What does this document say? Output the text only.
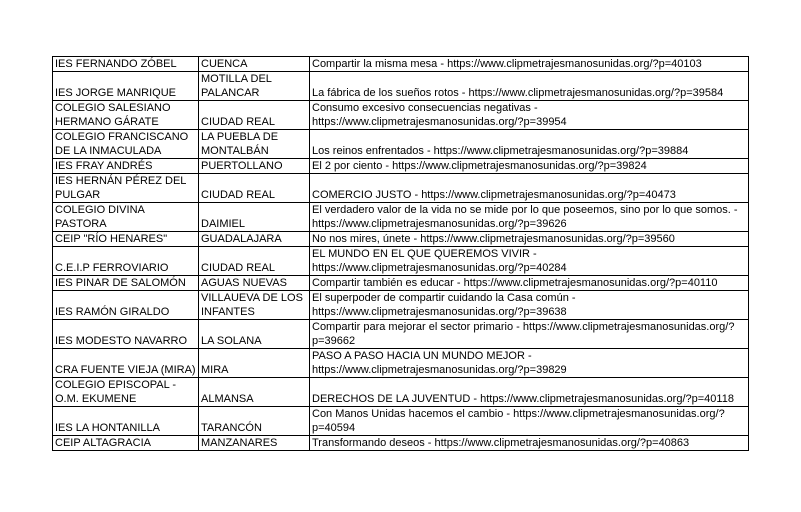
IES FERNANDO ZÓBEL	CUENCA	Compartir la misma mesa - https://www.clipmetrajesmanosunidas.org/?p=40103
IES JORGE MANRIQUE	MOTILLA DEL PALANCAR	La fábrica de los sueños rotos - https://www.clipmetrajesmanosunidas.org/?p=39584
COLEGIO SALESIANO HERMANO GÁRATE	CIUDAD REAL	Consumo excesivo consecuencias negativas - https://www.clipmetrajesmanosunidas.org/?p=39954
COLEGIO FRANCISCANO DE LA INMACULADA	LA PUEBLA DE MONTALBÁN	Los reinos enfrentados - https://www.clipmetrajesmanosunidas.org/?p=39884
IES FRAY ANDRÉS	PUERTOLLANO	El 2 por ciento - https://www.clipmetrajesmanosunidas.org/?p=39824
IES HERNÁN PÉREZ DEL PULGAR	CIUDAD REAL	COMERCIO JUSTO - https://www.clipmetrajesmanosunidas.org/?p=40473
COLEGIO DIVINA PASTORA	DAIMIEL	El verdadero valor de la vida no se mide por lo que poseemos, sino por lo que somos. - https://www.clipmetrajesmanosunidas.org/?p=39626
CEIP "RÍO HENARES"	GUADALAJARA	No nos mires, únete - https://www.clipmetrajesmanosunidas.org/?p=39560
C.E.I.P FERROVIARIO	CIUDAD REAL	EL MUNDO EN EL QUE QUEREMOS VIVIR - https://www.clipmetrajesmanosunidas.org/?p=40284
IES PINAR DE SALOMÓN	AGUAS NUEVAS	Compartir también es educar - https://www.clipmetrajesmanosunidas.org/?p=40110
IES RAMÓN GIRALDO	VILLAUEVA DE LOS INFANTES	El superpoder de compartir cuidando la Casa común - https://www.clipmetrajesmanosunidas.org/?p=39638
IES MODESTO NAVARRO	LA SOLANA	Compartir para mejorar el sector primario - https://www.clipmetrajesmanosunidas.org/?p=39662
CRA FUENTE VIEJA (MIRA)	MIRA	PASO A PASO HACIA UN MUNDO MEJOR - https://www.clipmetrajesmanosunidas.org/?p=39829
COLEGIO EPISCOPAL - O.M. EKUMENE	ALMANSA	DERECHOS DE LA JUVENTUD - https://www.clipmetrajesmanosunidas.org/?p=40118
IES LA HONTANILLA	TARANCÓN	Con Manos Unidas hacemos el cambio - https://www.clipmetrajesmanosunidas.org/?p=40594
CEIP ALTAGRACIA	MANZANARES	Transformando deseos - https://www.clipmetrajesmanosunidas.org/?p=40863
